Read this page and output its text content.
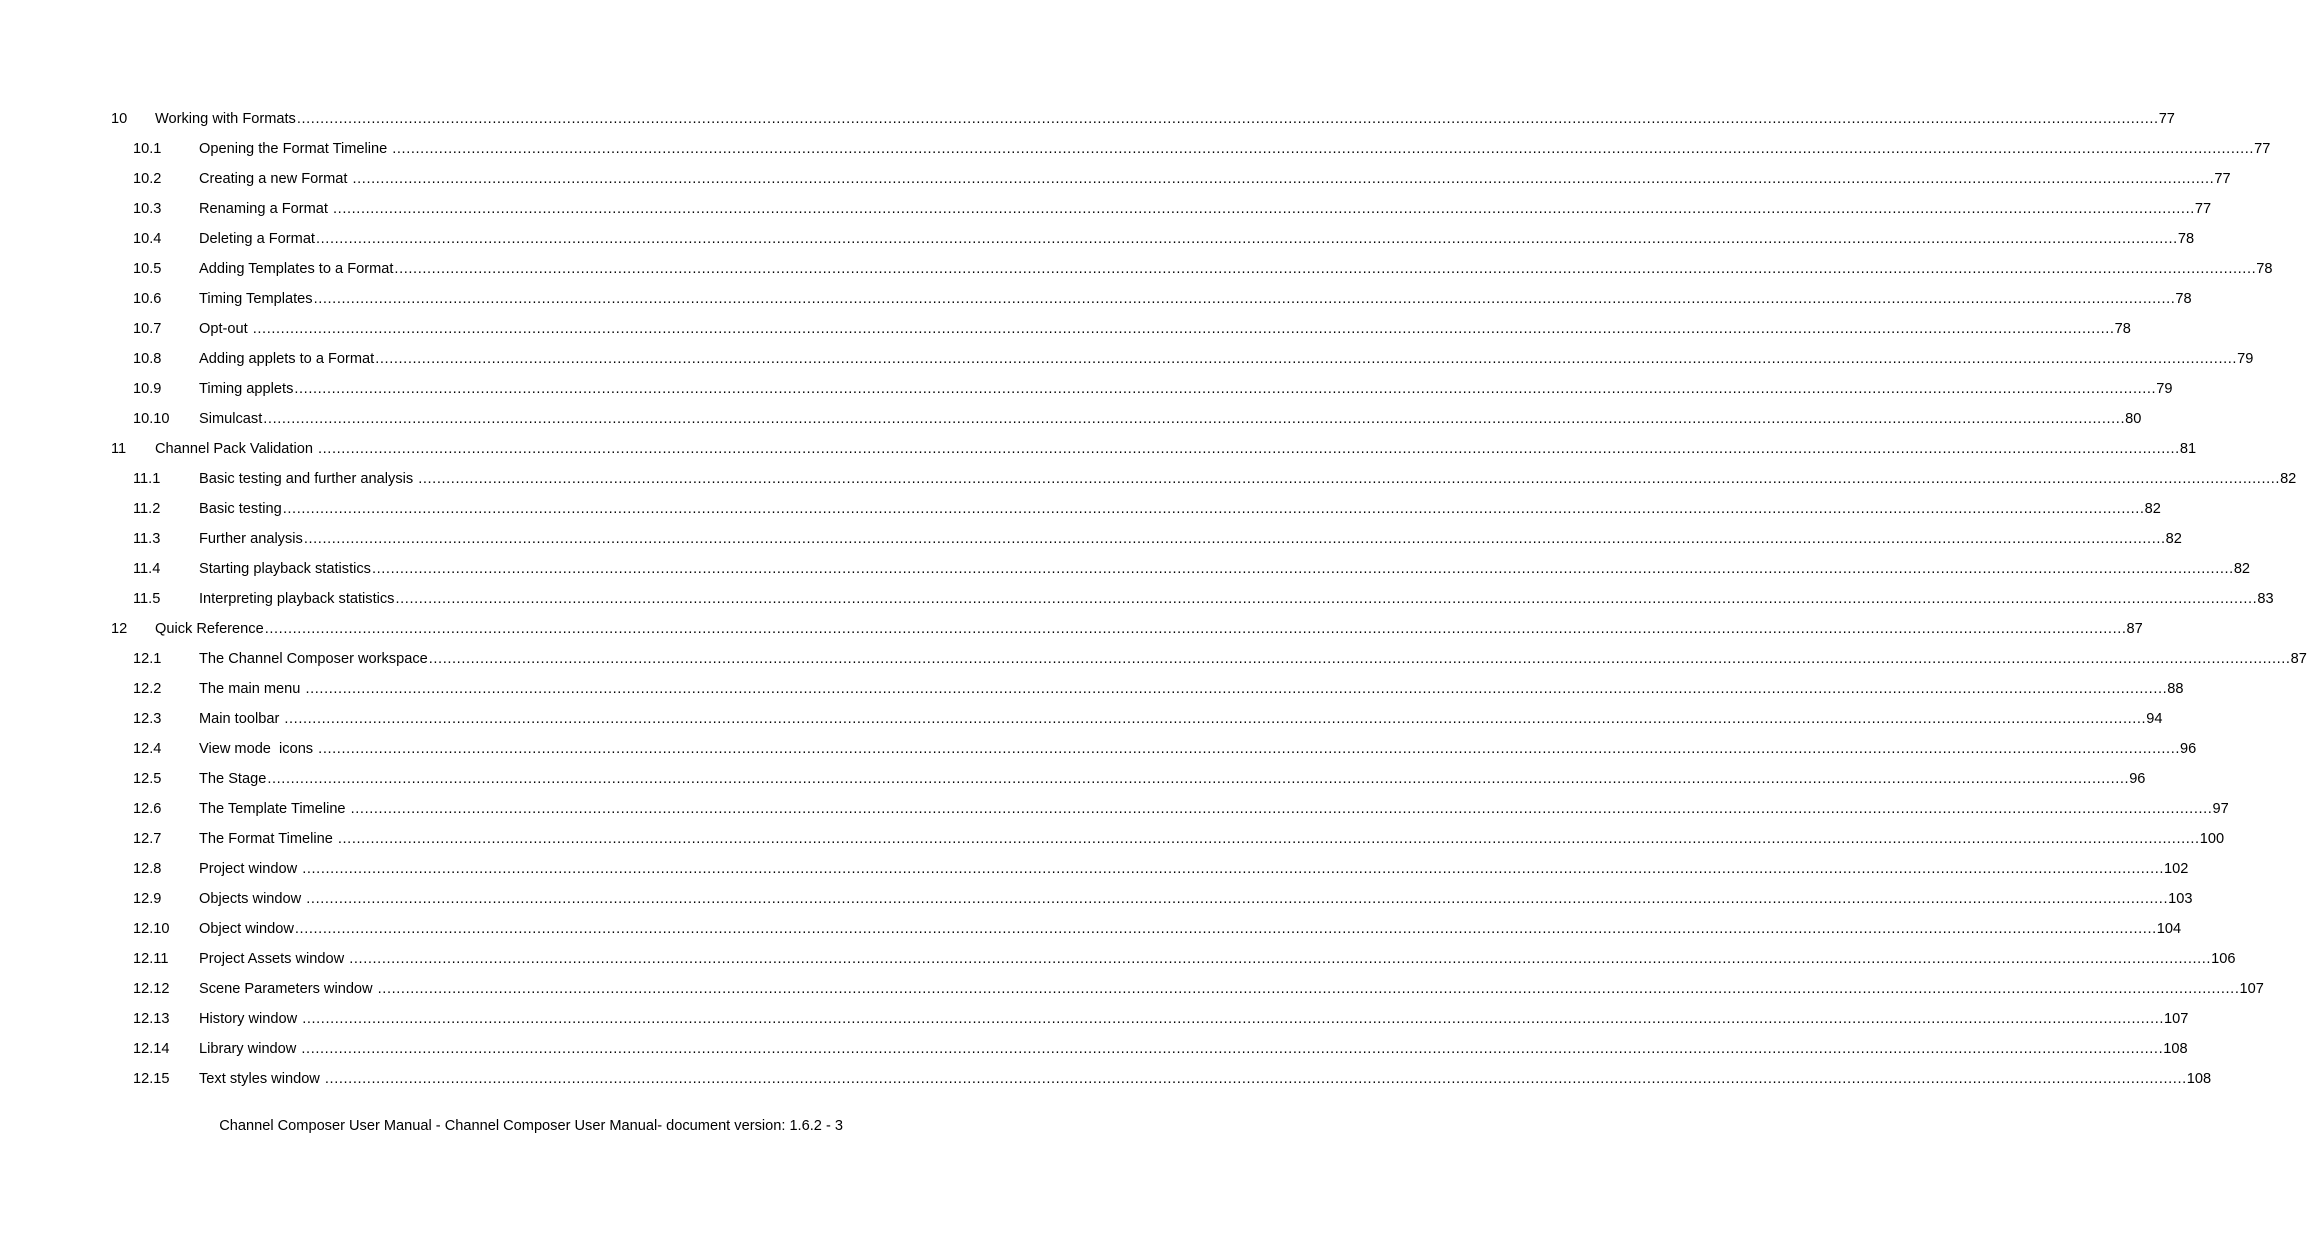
10 Working with Formats ................................................................................................................................................................................................................................................................................................................................................................................................................ 77
10.1	Opening the Format Timeline ................................................................................................................................................................................................................................................................................................................................................................................................................ 77
10.2	Creating a new Format ................................................................................................................................................................................................................................................................................................................................................................................................................ 77
10.3	Renaming a Format ................................................................................................................................................................................................................................................................................................................................................................................................................ 77
10.4	Deleting a Format ................................................................................................................................................................................................................................................................................................................................................................................................................ 78
10.5	Adding Templates to a Format ................................................................................................................................................................................................................................................................................................................................................................................................................ 78
10.6	Timing Templates ................................................................................................................................................................................................................................................................................................................................................................................................................ 78
10.7	Opt-out ................................................................................................................................................................................................................................................................................................................................................................................................................ 78
10.8	Adding applets to a Format ................................................................................................................................................................................................................................................................................................................................................................................................................ 79
10.9	Timing applets ................................................................................................................................................................................................................................................................................................................................................................................................................ 79
10.10 Simulcast ................................................................................................................................................................................................................................................................................................................................................................................................................ 80
11 Channel Pack Validation ................................................................................................................................................................................................................................................................................................................................................................................................................ 81
11.1	Basic testing and further analysis ................................................................................................................................................................................................................................................................................................................................................................................................................ 82
11.2	Basic testing ................................................................................................................................................................................................................................................................................................................................................................................................................ 82
11.3	Further analysis ................................................................................................................................................................................................................................................................................................................................................................................................................ 82
11.4	Starting playback statistics ................................................................................................................................................................................................................................................................................................................................................................................................................ 82
11.5	Interpreting playback statistics ................................................................................................................................................................................................................................................................................................................................................................................................................ 83
12 Quick Reference ................................................................................................................................................................................................................................................................................................................................................................................................................ 87
12.1	The Channel Composer workspace ................................................................................................................................................................................................................................................................................................................................................................................................................ 87
12.2	The main menu ................................................................................................................................................................................................................................................................................................................................................................................................................ 88
12.3	Main toolbar ................................................................................................................................................................................................................................................................................................................................................................................................................ 94
12.4	View mode  icons ................................................................................................................................................................................................................................................................................................................................................................................................................ 96
12.5	The Stage ................................................................................................................................................................................................................................................................................................................................................................................................................ 96
12.6	The Template Timeline ................................................................................................................................................................................................................................................................................................................................................................................................................ 97
12.7	The Format Timeline ................................................................................................................................................................................................................................................................................................................................................................................................................ 100
12.8	Project window ................................................................................................................................................................................................................................................................................................................................................................................................................ 102
12.9	Objects window ................................................................................................................................................................................................................................................................................................................................................................................................................ 103
12.10 Object window ................................................................................................................................................................................................................................................................................................................................................................................................................ 104
12.11 Project Assets window ................................................................................................................................................................................................................................................................................................................................................................................................................ 106
12.12 Scene Parameters window ................................................................................................................................................................................................................................................................................................................................................................................................................ 107
12.13 History window ................................................................................................................................................................................................................................................................................................................................................................................................................ 107
12.14 Library window ................................................................................................................................................................................................................................................................................................................................................................................................................ 108
12.15 Text styles window ................................................................................................................................................................................................................................................................................................................................................................................................................ 108
Channel Composer User Manual - Channel Composer User Manual- document version: 1.6.2 - 3
